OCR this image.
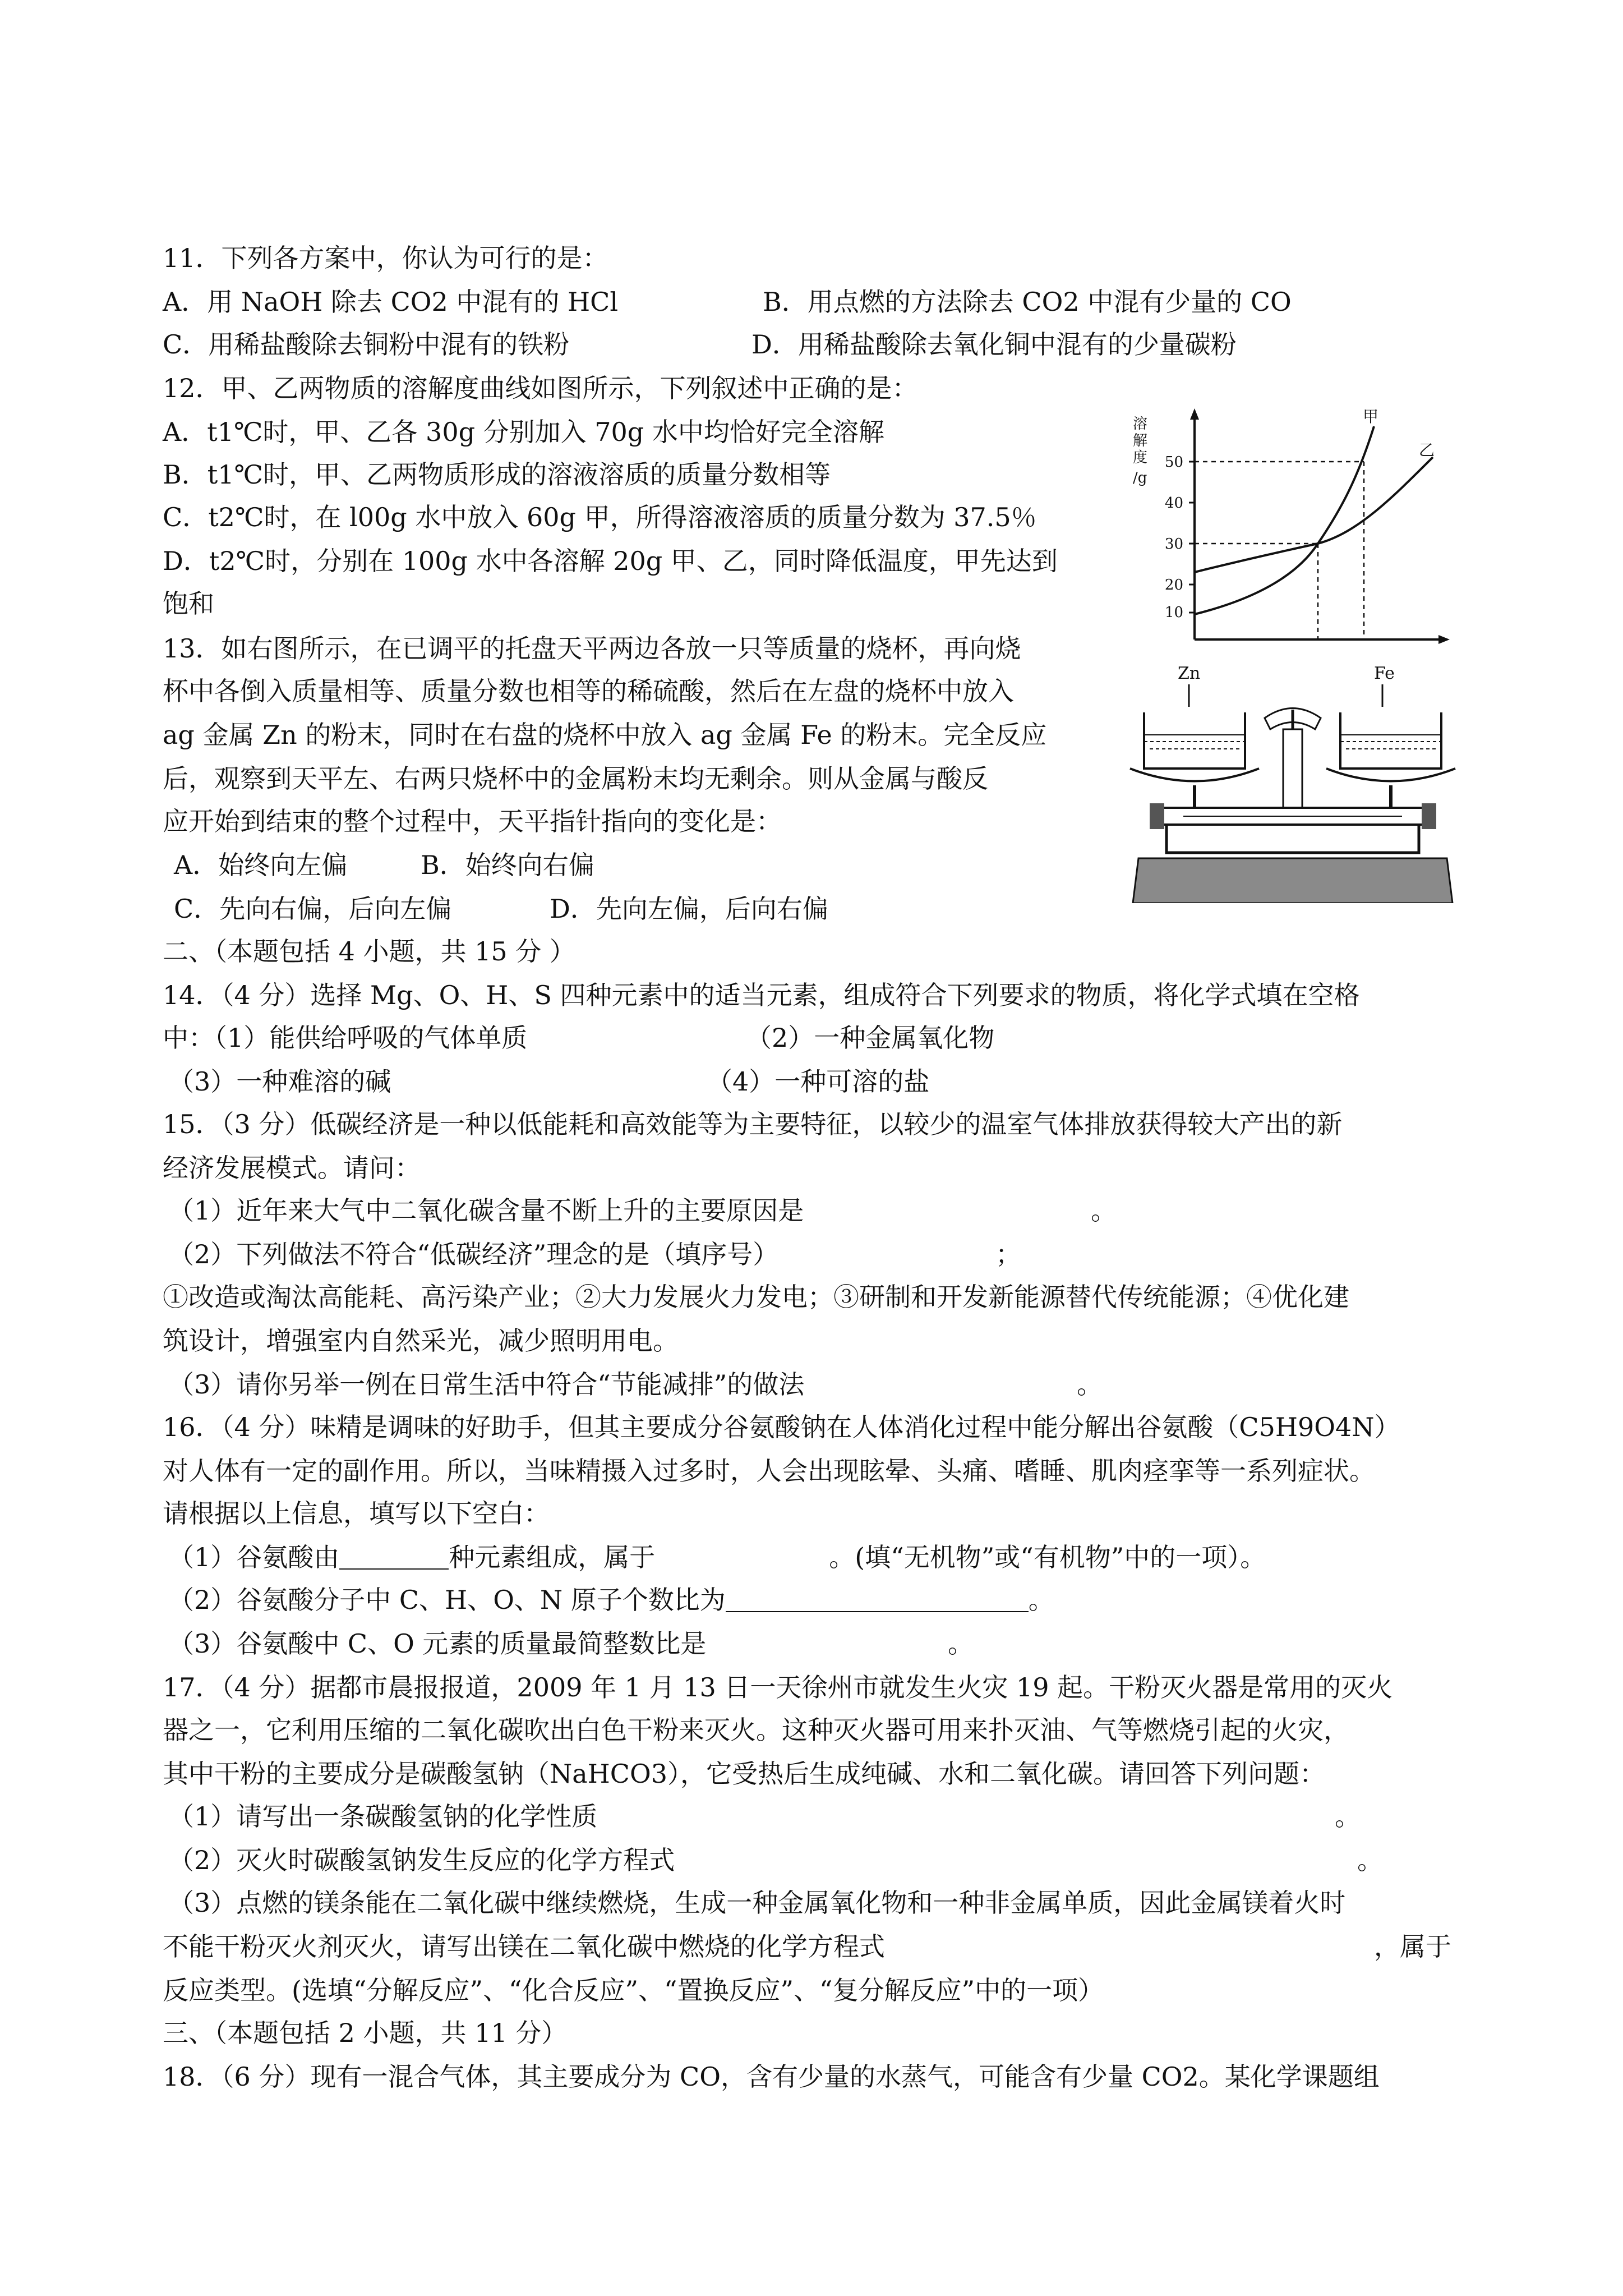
11．下列各方案中，你认为可行的是：
A．用 NaOH 除去 CO2 中混有的 HCl	B．用点燃的方法除去 CO2 中混有少量的 CO
C．用稀盐酸除去铜粉中混有的铁粉	D．用稀盐酸除去氧化铜中混有的少量碳粉
12．甲、乙两物质的溶解度曲线如图所示，下列叙述中正确的是：
A．t1℃时，甲、乙各 30g 分别加入 70g 水中均恰好完全溶解
B．t1℃时，甲、乙两物质形成的溶液溶质的质量分数相等
C．t2℃时，在 l00g 水中放入 60g 甲，所得溶液溶质的质量分数为 37.5％
D．t2℃时，分别在 100g 水中各溶解 20g 甲、乙，同时降低温度，甲先达到
饱和
溶
解
度
/g
50
40
30
20
10
甲
乙
13．如右图所示，在已调平的托盘天平两边各放一只等质量的烧杯，再向烧
杯中各倒入质量相等、质量分数也相等的稀硫酸，然后在左盘的烧杯中放入
ag 金属 Zn 的粉末，同时在右盘的烧杯中放入 ag 金属 Fe 的粉末。完全反应
后，观察到天平左、右两只烧杯中的金属粉末均无剩余。则从金属与酸反
应开始到结束的整个过程中，天平指针指向的变化是：
A．始终向左偏	B．始终向右偏
C．先向右偏，后向左偏	D．先向左偏，后向右偏
Zn	Fe
二、（本题包括 4 小题，共 15 分 ）
14．（4 分）选择 Mg、O、H、S 四种元素中的适当元素，组成符合下列要求的物质，将化学式填在空格
中：（1）能供给呼吸的气体单质	（2）一种金属氧化物
（3）一种难溶的碱	（4）一种可溶的盐
15．（3 分）低碳经济是一种以低能耗和高效能等为主要特征，以较少的温室气体排放获得较大产出的新
经济发展模式。请问：
（1）近年来大气中二氧化碳含量不断上升的主要原因是	。
（2）下列做法不符合“低碳经济”理念的是（填序号）	；
①改造或淘汰高能耗、高污染产业；②大力发展火力发电；③研制和开发新能源替代传统能源；④优化建
筑设计，增强室内自然采光，减少照明用电。
（3）请你另举一例在日常生活中符合“节能减排”的做法	。
16．（4 分）味精是调味的好助手，但其主要成分谷氨酸钠在人体消化过程中能分解出谷氨酸（C5H9O4N）
对人体有一定的副作用。所以，当味精摄入过多时，人会出现眩晕、头痛、嗜睡、肌肉痉挛等一系列症状。
请根据以上信息，填写以下空白：
（1）谷氨酸由	种元素组成，属于	。(填“无机物”或“有机物”中的一项）。
（2）谷氨酸分子中 C、H、O、N 原子个数比为	。
（3）谷氨酸中 C、O 元素的质量最简整数比是	。
17．（4 分）据都市晨报报道，2009 年 1 月 13 日一天徐州市就发生火灾 19 起。干粉灭火器是常用的灭火
器之一，它利用压缩的二氧化碳吹出白色干粉来灭火。这种灭火器可用来扑灭油、气等燃烧引起的火灾，
其中干粉的主要成分是碳酸氢钠（NaHCO3），它受热后生成纯碱、水和二氧化碳。请回答下列问题：
（1）请写出一条碳酸氢钠的化学性质	。
（2）灭火时碳酸氢钠发生反应的化学方程式	。
（3）点燃的镁条能在二氧化碳中继续燃烧，生成一种金属氧化物和一种非金属单质，因此金属镁着火时
不能干粉灭火剂灭火，请写出镁在二氧化碳中燃烧的化学方程式	，属于
反应类型。(选填“分解反应”、“化合反应”、“置换反应”、“复分解反应”中的一项）
三、（本题包括 2 小题，共 11 分）
18．（6 分）现有一混合气体，其主要成分为 CO，含有少量的水蒸气，可能含有少量 CO2。某化学课题组
